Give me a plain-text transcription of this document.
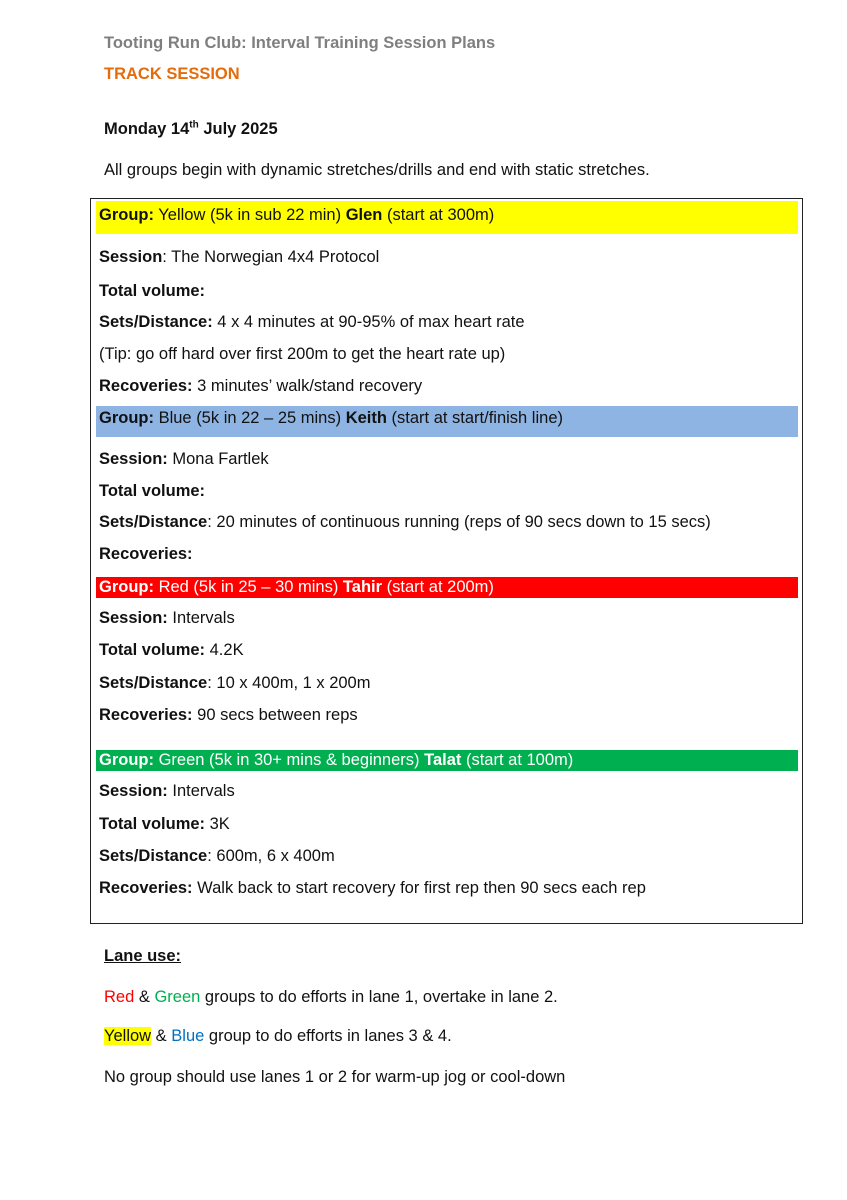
Tooting Run Club: Interval Training Session Plans
TRACK SESSION
Monday 14th July 2025
All groups begin with dynamic stretches/drills and end with static stretches.
Group: Yellow (5k in sub 22 min) Glen (start at 300m)
Session: The Norwegian 4x4 Protocol
Total volume:
Sets/Distance: 4 x 4 minutes at 90-95% of max heart rate
(Tip: go off hard over first 200m to get the heart rate up)
Recoveries: 3 minutes’ walk/stand recovery
Group: Blue (5k in 22 – 25 mins) Keith (start at start/finish line)
Session: Mona Fartlek
Total volume:
Sets/Distance: 20 minutes of continuous running (reps of 90 secs down to 15 secs)
Recoveries:
Group: Red (5k in 25 – 30 mins) Tahir (start at 200m)
Session: Intervals
Total volume: 4.2K
Sets/Distance: 10 x 400m, 1 x 200m
Recoveries: 90 secs between reps
Group: Green (5k in 30+ mins & beginners) Talat (start at 100m)
Session: Intervals
Total volume: 3K
Sets/Distance: 600m, 6 x 400m
Recoveries: Walk back to start recovery for first rep then 90 secs each rep
Lane use:
Red & Green groups to do efforts in lane 1, overtake in lane 2.
Yellow & Blue group to do efforts in lanes 3 & 4.
No group should use lanes 1 or 2 for warm-up jog or cool-down
